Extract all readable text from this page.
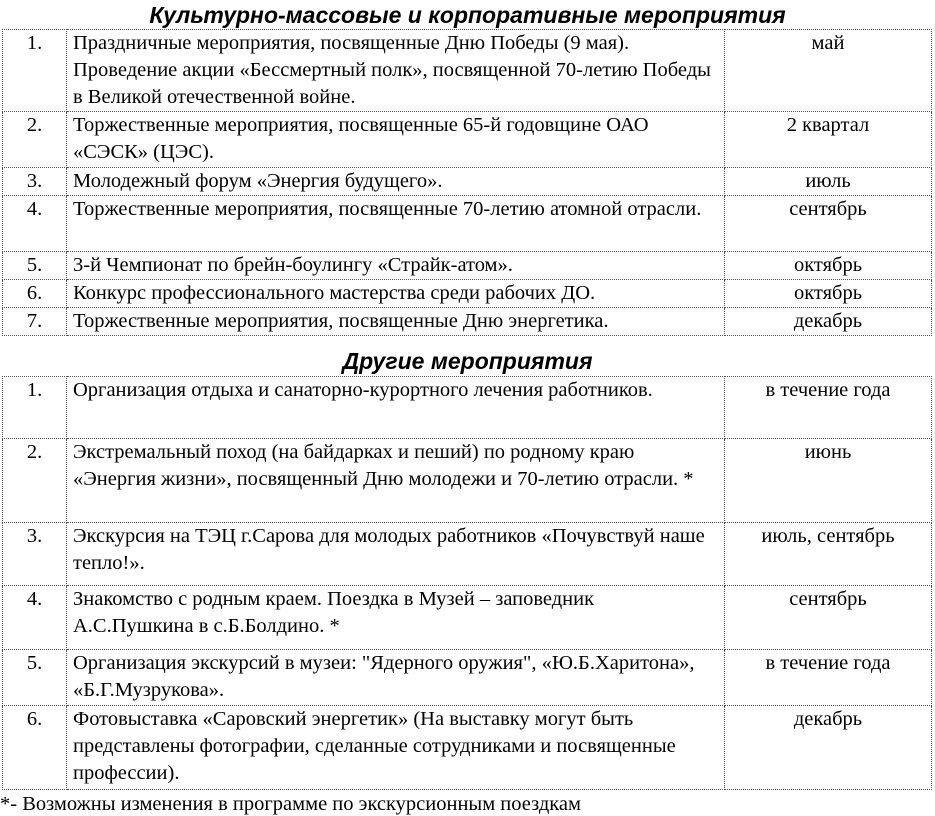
Культурно-массовые и корпоративные мероприятия
1.	Праздничные мероприятия, посвященные Дню Победы (9 мая). Проведение акции «Бессмертный полк», посвященной 70-летию Победы в Великой отечественной войне.	май
2.	Торжественные мероприятия, посвященные 65-й годовщине ОАО «СЭСК» (ЦЭС).	2 квартал
3.	Молодежный форум «Энергия будущего».	июль
4.	Торжественные мероприятия, посвященные 70-летию атомной отрасли.	сентябрь
5.	3-й Чемпионат по брейн-боулингу «Страйк-атом».	октябрь
6.	Конкурс профессионального мастерства среди рабочих ДО.	октябрь
7.	Торжественные мероприятия, посвященные Дню энергетика.	декабрь
Другие мероприятия
1.	Организация отдыха и санаторно-курортного лечения работников.	в течение года
2.	Экстремальный поход (на байдарках и пеший) по родному краю «Энергия жизни», посвященный Дню молодежи и 70-летию отрасли. *	июнь
3.	Экскурсия на ТЭЦ г.Сарова для молодых работников «Почувствуй наше тепло!».	июль, сентябрь
4.	Знакомство с родным краем. Поездка в Музей – заповедник А.С.Пушкина в с.Б.Болдино. *	сентябрь
5.	Организация экскурсий в музеи: "Ядерного оружия", «Ю.Б.Харитона», «Б.Г.Музрукова».	в течение года
6.	Фотовыставка «Саровский энергетик» (На выставку могут быть представлены фотографии, сделанные сотрудниками и посвященные профессии).	декабрь

*- Возможны изменения в программе по экскурсионным поездкам
